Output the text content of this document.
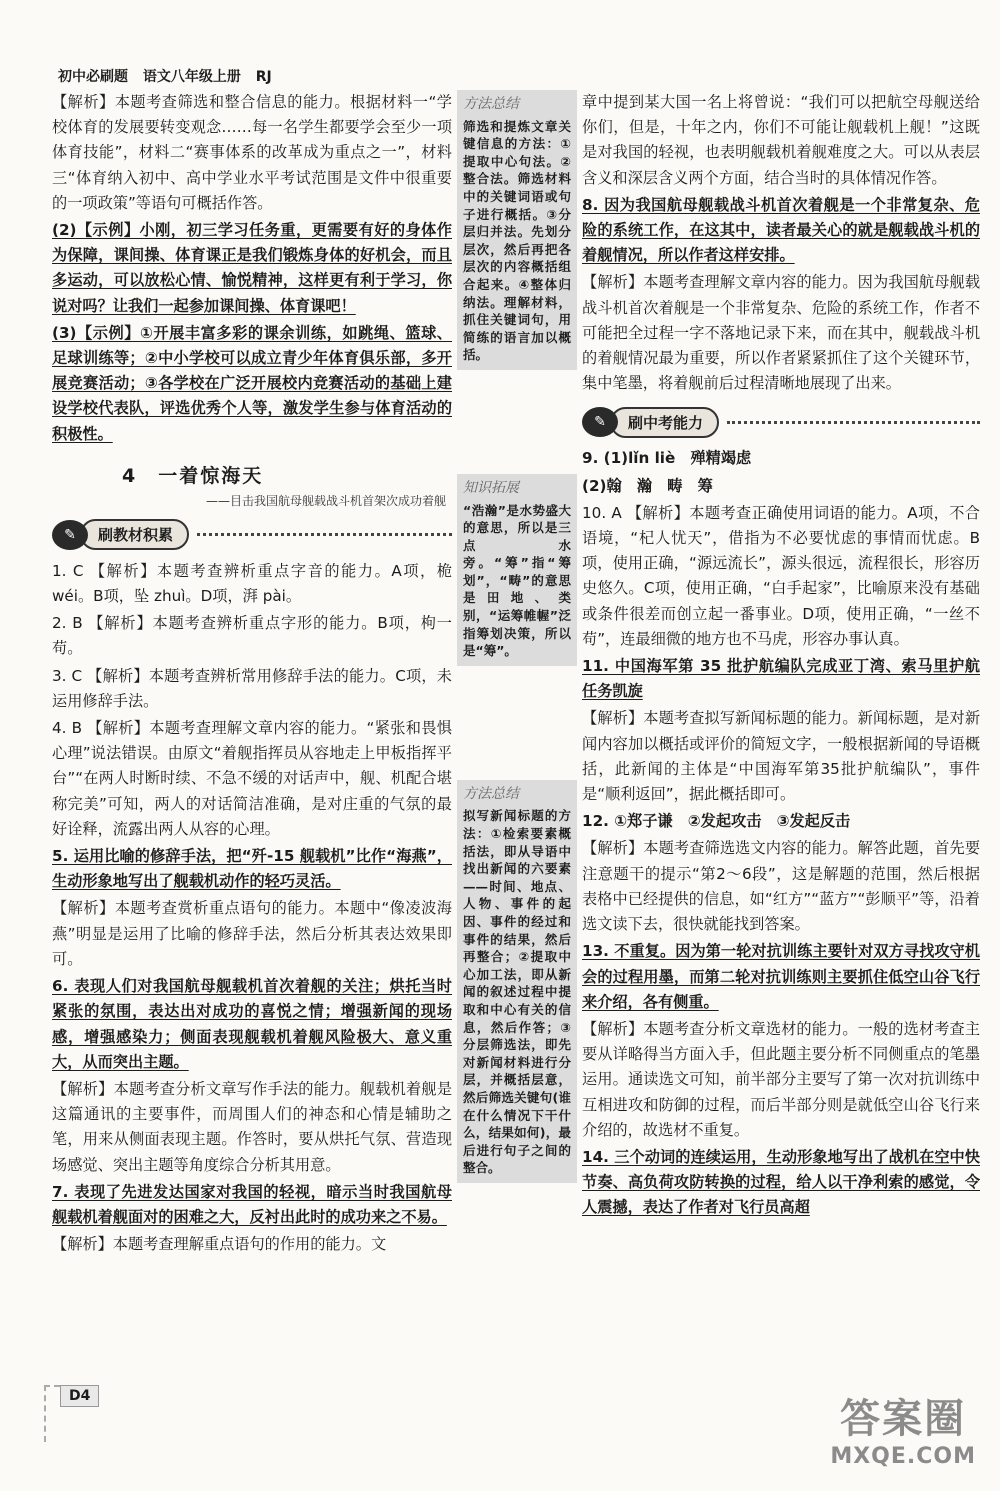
初中必刷题 语文八年级上册 RJ

【解析】本题考查筛选和整合信息的能力。根据材料一“学校体育的发展要转变观念……每一名学生都要学会至少一项体育技能”，材料二“赛事体系的改革成为重点之一”，材料三“体育纳入初中、高中学业水平考试范围是文件中很重要的一项政策”等语句可概括作答。

(2)【示例】小刚，初三学习任务重，更需要有好的身体作为保障，课间操、体育课正是我们锻炼身体的好机会，而且多运动，可以放松心情、愉悦精神，这样更有利于学习，你说对吗？让我们一起参加课间操、体育课吧！

(3)【示例】①开展丰富多彩的课余训练，如跳绳、篮球、足球训练等；②中小学校可以成立青少年体育俱乐部，多开展竞赛活动；③各学校在广泛开展校内竞赛活动的基础上建设学校代表队，评选优秀个人等，激发学生参与体育活动的积极性。

4　一着惊海天
——目击我国航母舰载战斗机首架次成功着舰
✎	刷教材积累

1. C 【解析】本题考查辨析重点字音的能力。A项，桅 wéi。B项，坠 zhuì。D项，湃 pài。

2. B 【解析】本题考查辨析重点字形的能力。B项，枸一苟。

3. C 【解析】本题考查辨析常用修辞手法的能力。C项，未运用修辞手法。

4. B 【解析】本题考查理解文章内容的能力。“紧张和畏惧心理”说法错误。由原文“着舰指挥员从容地走上甲板指挥平台”“在两人时断时续、不急不缓的对话声中，舰、机配合堪称完美”可知，两人的对话简洁准确，是对庄重的气氛的最好诠释，流露出两人从容的心理。

5. 运用比喻的修辞手法，把“歼-15 舰载机”比作“海燕”，生动形象地写出了舰载机动作的轻巧灵活。

【解析】本题考查赏析重点语句的能力。本题中“像凌波海燕”明显是运用了比喻的修辞手法，然后分析其表达效果即可。

6. 表现人们对我国航母舰载机首次着舰的关注；烘托当时紧张的氛围，表达出对成功的喜悦之情；增强新闻的现场感，增强感染力；侧面表现舰载机着舰风险极大、意义重大，从而突出主题。

【解析】本题考查分析文章写作手法的能力。舰载机着舰是这篇通讯的主要事件，而周围人们的神态和心情是辅助之笔，用来从侧面表现主题。作答时，要从烘托气氛、营造现场感觉、突出主题等角度综合分析其用意。

7. 表现了先进发达国家对我国的轻视，暗示当时我国航母舰载机着舰面对的困难之大，反衬出此时的成功来之不易。

【解析】本题考查理解重点语句的作用的能力。文

方法总结
筛选和提炼文章关键信息的方法：①提取中心句法。②整合法。筛选材料中的关键词语或句子进行概括。③分层归并法。先划分层次，然后再把各层次的内容概括组合起来。④整体归纳法。理解材料，抓住关键词句，用简练的语言加以概括。
知识拓展
“浩瀚”是水势盛大的意思，所以是三点水旁。“筹”指“筹划”，“畴”的意思是田地、类别，“运筹帷幄”泛指筹划决策，所以是“筹”。
方法总结
拟写新闻标题的方法：①检索要素概括法，即从导语中找出新闻的六要素——时间、地点、人物、事件的起因、事件的经过和事件的结果，然后再整合；②提取中心加工法，即从新闻的叙述过程中提取和中心有关的信息，然后作答；③分层筛选法，即先对新闻材料进行分层，并概括层意，然后筛选关键句(谁在什么情况下干什么，结果如何)，最后进行句子之间的整合。

章中提到某大国一名上将曾说：“我们可以把航空母舰送给你们，但是，十年之内，你们不可能让舰载机上舰！”这既是对我国的轻视，也表明舰载机着舰难度之大。可以从表层含义和深层含义两个方面，结合当时的具体情况作答。

8. 因为我国航母舰载战斗机首次着舰是一个非常复杂、危险的系统工作，在这其中，读者最关心的就是舰载战斗机的着舰情况，所以作者这样安排。

【解析】本题考查理解文章内容的能力。因为我国航母舰载战斗机首次着舰是一个非常复杂、危险的系统工作，作者不可能把全过程一字不落地记录下来，而在其中，舰载战斗机的着舰情况最为重要，所以作者紧紧抓住了这个关键环节，集中笔墨，将着舰前后过程清晰地展现了出来。

✎	刷中考能力

9. (1)lǐn liè　殚精竭虑

(2)翰　瀚　畴　筹

10. A 【解析】本题考查正确使用词语的能力。A项，不合语境，“杞人忧天”，借指为不必要忧虑的事情而忧虑。B项，使用正确，“源远流长”，源头很远，流程很长，形容历史悠久。C项，使用正确，“白手起家”，比喻原来没有基础或条件很差而创立起一番事业。D项，使用正确，“一丝不苟”，连最细微的地方也不马虎，形容办事认真。

11. 中国海军第 35 批护航编队完成亚丁湾、索马里护航任务凯旋

【解析】本题考查拟写新闻标题的能力。新闻标题，是对新闻内容加以概括或评价的简短文字，一般根据新闻的导语概括，此新闻的主体是“中国海军第35批护航编队”，事件是“顺利返回”，据此概括即可。

12. ①郑子谦　②发起攻击　③发起反击

【解析】本题考查筛选选文内容的能力。解答此题，首先要注意题干的提示“第2～6段”，这是解题的范围，然后根据表格中已经提供的信息，如“红方”“蓝方”“彭顺平”等，沿着选文读下去，很快就能找到答案。

13. 不重复。因为第一轮对抗训练主要针对双方寻找攻守机会的过程用墨，而第二轮对抗训练则主要抓住低空山谷飞行来介绍，各有侧重。

【解析】本题考查分析文章选材的能力。一般的选材考查主要从详略得当方面入手，但此题主要分析不同侧重点的笔墨运用。通读选文可知，前半部分主要写了第一次对抗训练中互相进攻和防御的过程，而后半部分则是就低空山谷飞行来介绍的，故选材不重复。

14. 三个动词的连续运用，生动形象地写出了战机在空中快节奏、高负荷攻防转换的过程，给人以干净利索的感觉，令人震撼，表达了作者对飞行员高超

D4	答案圈
MXQE.COM
